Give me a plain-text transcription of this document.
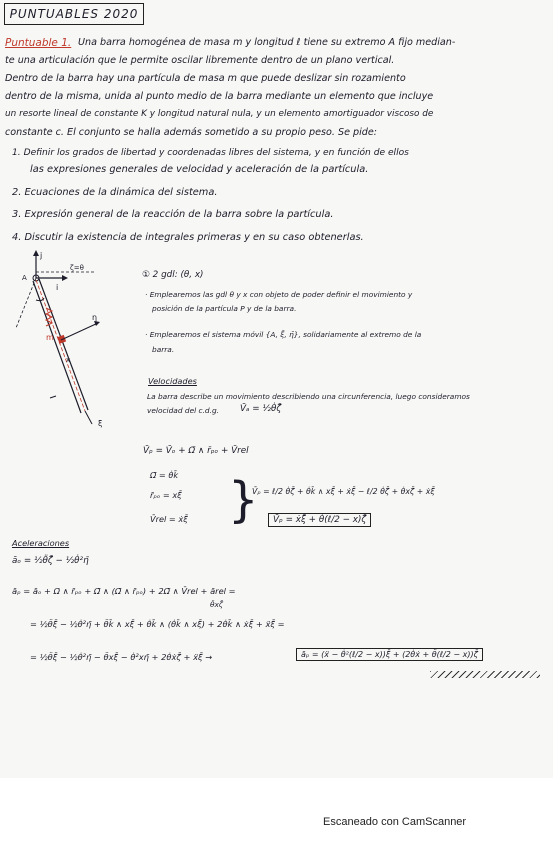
PUNTUABLES 2020
Puntuable 1. Una barra homogénea de masa m y longitud ℓ tiene su extremo A fijo median-
te una articulación que le permite oscilar libremente dentro de un plano vertical.
Dentro de la barra hay una partícula de masa m que puede deslizar sin rozamiento
dentro de la misma, unida al punto medio de la barra mediante un elemento que incluye
un resorte lineal de constante K y longitud natural nula, y un elemento amortiguador viscoso de
constante c. El conjunto se halla además sometido a su propio peso. Se pide:
1. Definir los grados de libertad y coordenadas libres del sistema, y en función de ellos
las expresiones generales de velocidad y aceleración de la partícula.
2. Ecuaciones de la dinámica del sistema.
3. Expresión general de la reacción de la barra sobre la partícula.
4. Discutir la existencia de integrales primeras y en su caso obtenerlas.
j
i
ζ=θ
A
m
η
x
ξ
① 2 gdl: (θ, x)
· Emplearemos las gdl θ y x con objeto de poder definir el movimiento y
posición de la partícula P y de la barra.
· Emplearemos el sistema móvil {A, ξ̄, η̄}, solidariamente al extremo de la
barra.
Velocidades
La barra describe un movimiento describiendo una circunferencia, luego consideramos
velocidad del c.d.g. V̄ₐ = ½θ̇ζ̄
V̄ₚ = V̄ₒ + Ω̄ ∧ r̄ₚₒ + V̄rel
Ω̄ = θ̇k̄
r̄ₚₒ = xξ̄
V̄rel = ẋξ̄ }
V̄ₚ = ℓ/2 θ̇ζ̄ + θ̇k̄ ∧ xξ̄ + ẋξ̄ − ℓ/2 θ̇ζ̄ + θ̇xζ̄ + ẋξ̄
V̄ₚ = ẋξ̄ + θ̇(ℓ/2 − x)ζ̄
Aceleraciones
āₒ = ½θ̈ζ̄ − ½θ̇²η̄
θ̈xζ̄
āₚ = āₒ + Ω̇ ∧ r̄ₚₒ + Ω̄ ∧ (Ω̄ ∧ r̄ₚₒ) + 2Ω̄ ∧ V̄rel + ārel =
= ½θ̈ξ̄ − ½θ̇²η̄ + θ̈k̄ ∧ xξ̄ + θ̇k̄ ∧ (θ̇k̄ ∧ xξ̄) + 2θ̇k̄ ∧ ẋξ̄ + ẍξ̄ =
= ½θ̈ξ̄ − ½θ̇²η̄ − θ̈xξ̄ − θ̇²xη̄ + 2θ̇ẋζ̄ + ẍξ̄ →	āₚ = (ẍ − θ̇²(ℓ/2 − x))ξ̄ + (2θ̇ẋ + θ̈(ℓ/2 − x))ζ̄
Escaneado con CamScanner
